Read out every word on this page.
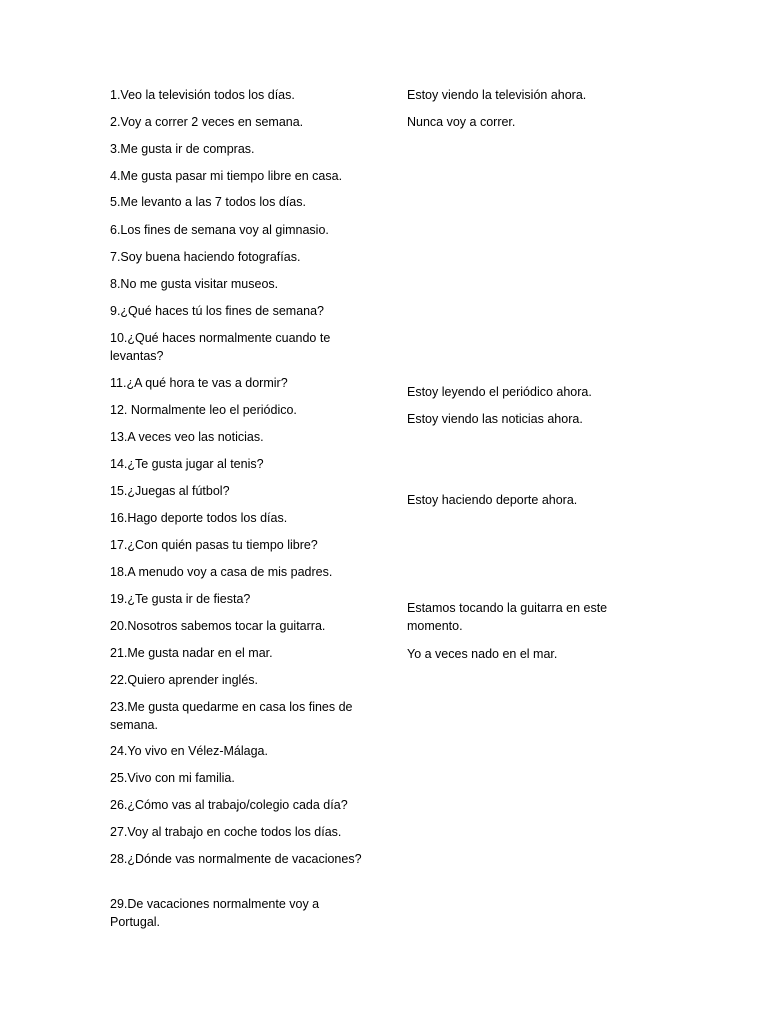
1.Veo la televisión todos los días.

2.Voy a correr 2 veces en semana.

3.Me gusta ir de compras.

4.Me gusta pasar mi tiempo libre en casa.

5.Me levanto a las 7 todos los días.

6.Los fines de semana voy al gimnasio.

7.Soy buena haciendo fotografías.

8.No me gusta visitar museos.

9.¿Qué haces tú los fines de semana?

10.¿Qué haces normalmente cuando te levantas?

11.¿A qué hora te vas a dormir?

12. Normalmente leo el periódico.

13.A veces veo las noticias.

14.¿Te gusta jugar al tenis?

15.¿Juegas al fútbol?

16.Hago deporte todos los días.

17.¿Con quién pasas tu tiempo libre?

18.A menudo voy a casa de mis padres.

19.¿Te gusta ir de fiesta?

20.Nosotros sabemos tocar la guitarra.

21.Me gusta nadar en el mar.

22.Quiero aprender inglés.

23.Me gusta quedarme en casa los fines de semana.

24.Yo vivo en Vélez-Málaga.

25.Vivo con mi familia.

26.¿Cómo vas al trabajo/colegio cada día?

27.Voy al trabajo en coche todos los días.

28.¿Dónde vas normalmente de vacaciones?

29.De vacaciones normalmente voy a Portugal.

Estoy viendo la televisión ahora.

Nunca voy a correr.

Estoy leyendo el periódico ahora.

Estoy viendo las noticias ahora.

Estoy haciendo deporte ahora.

Estamos tocando la guitarra en este momento.

Yo a veces nado en el mar.
